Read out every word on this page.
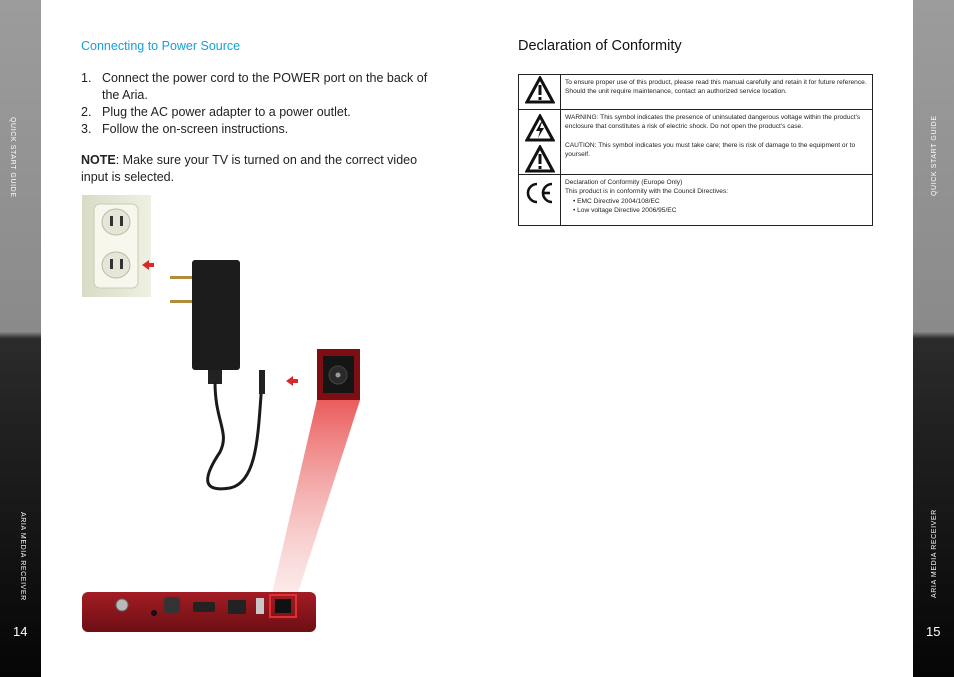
QUICK START GUIDE
ARIA MEDIA RECEIVER
14
QUICK START GUIDE
ARIA MEDIA RECEIVER
15
Connecting to Power Source
1. Connect the power cord to the POWER port on the back of the Aria.
2. Plug the AC power adapter to a power outlet.
3. Follow the on-screen instructions.
NOTE: Make sure your TV is turned on and the correct video input is selected.
Declaration of Conformity
	To ensure proper use of this product, please read this manual carefully and retain it for future reference. Should the unit require maintenance, contact an authorized service location.

WARNING: This symbol indicates the presence of uninsulated dangerous voltage within the product's enclosure that constitutes a risk of electric shock. Do not open the product's case.
CAUTION: This symbol indicates you must take care; there is risk of damage to the equipment or to yourself.

Declaration of Conformity (Europe Only)
This product is in conformity with the Council Directives:
• EMC Directive 2004/108/EC
• Low voltage Directive 2006/95/EC
